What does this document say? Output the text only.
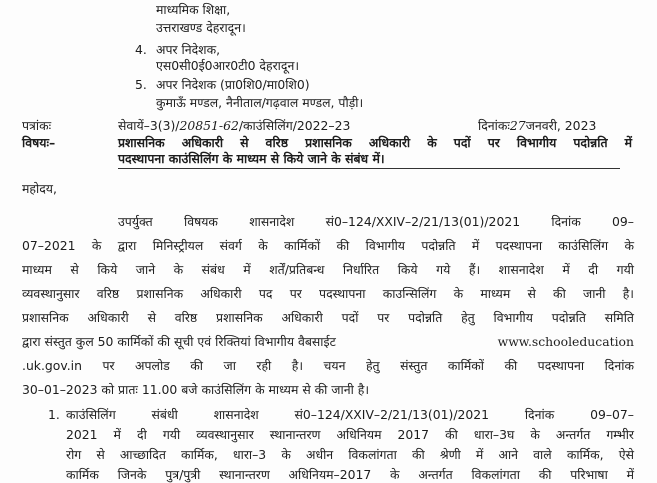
माध्यमिक शिक्षा,
उत्तराखण्ड देहरादून।
4. अपर निदेशक,
एस0सी0ई0आर0टी0 देहरादून।
5. अपर निदेशक (प्रा0शि0/मा0शि0)
कुमाऊँ मण्डल, नैनीताल/गढ़वाल मण्डल, पौड़ी।
पत्रांकः	सेवायें–3(3)/20851-62/काउंसिलिंग/2022–23	दिनांकः27जनवरी, 2023
विषयः–	प्रशासनिक अधिकारी से वरिष्ठ प्रशासनिक अधिकारी के पदों पर विभागीय पदोन्नति में
पदस्थापना काउंसिलिंग के माध्यम से किये जाने के संबंध में।
महोदय,
उपर्युक्त विषयक शासनादेश सं0–124/XXIV–2/21/13(01)/2021 दिनांक 09–
07–2021 के द्वारा मिनिस्ट्रीयल संवर्ग के कार्मिकों की विभागीय पदोन्नति में पदस्थापना काउंसिलिंग के
माध्यम से किये जाने के संबंध में शर्तें/प्रतिबन्ध निर्धारित किये गये हैं। शासनादेश में दी गयी
व्यवस्थानुसार वरिष्ठ प्रशासनिक अधिकारी पद पर पदस्थापना काउन्सिलिंग के माध्यम से की जानी है।
प्रशासनिक अधिकारी से वरिष्ठ प्रशासनिक अधिकारी पदों पर पदोन्नति हेतु विभागीय पदोन्नति समिति
द्वारा संस्तुत कुल 50 कार्मिकों की सूची एवं रिक्तियां विभागीय वैबसाईट	www.schooleducation
.uk.gov.in पर अपलोड की जा रही है। चयन हेतु संस्तुत कार्मिकों की पदस्थापना दिनांक
30–01–2023 को प्रातः 11.00 बजे काउंसिलिंग के माध्यम से की जानी है।
1. काउंसिलिंग संबंधी शासनादेश सं0–124/XXIV–2/21/13(01)/2021 दिनांक 09–07–
2021 में दी गयी व्यवस्थानुसार स्थानान्तरण अधिनियम 2017 की धारा–3घ के अन्तर्गत गम्भीर
रोग से आच्छादित कार्मिक, धारा–3 के अधीन विकलांगता की श्रेणी में आने वाले कार्मिक, ऐसे
कार्मिक जिनके पुत्र/पुत्री स्थानान्तरण अधिनियम–2017 के अन्तर्गत विकलांगता की परिभाषा में
